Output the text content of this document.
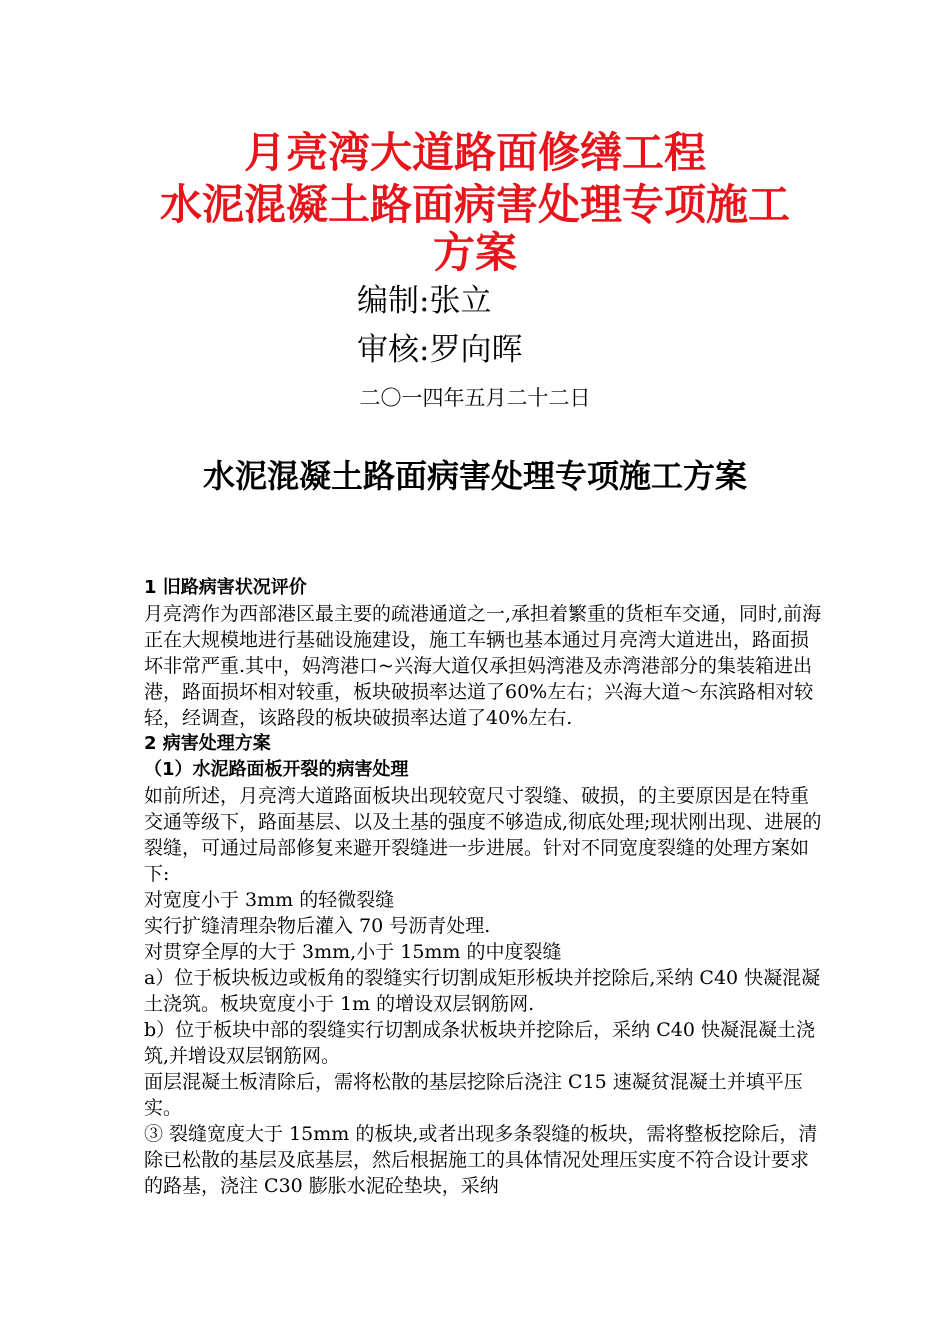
月亮湾大道路面修缮工程
水泥混凝土路面病害处理专项施工
方案
编制:张立
审核:罗向晖
二〇一四年五月二十二日
水泥混凝土路面病害处理专项施工方案

1 旧路病害状况评价

月亮湾作为西部港区最主要的疏港通道之一,承担着繁重的货柜车交通，同时,前海正在大规模地进行基础设施建设，施工车辆也基本通过月亮湾大道进出，路面损坏非常严重.其中，妈湾港口~兴海大道仅承担妈湾港及赤湾港部分的集装箱进出港，路面损坏相对较重，板块破损率达道了60%左右；兴海大道～东滨路相对较轻，经调查，该路段的板块破损率达道了40%左右.

2 病害处理方案

（1）水泥路面板开裂的病害处理

如前所述，月亮湾大道路面板块出现较宽尺寸裂缝、破损，的主要原因是在特重交通等级下，路面基层、以及土基的强度不够造成,彻底处理;现状刚出现、进展的裂缝，可通过局部修复来避开裂缝进一步进展。针对不同宽度裂缝的处理方案如下:

对宽度小于 3mm 的轻微裂缝

实行扩缝清理杂物后灌入 70 号沥青处理.

对贯穿全厚的大于 3mm,小于 15mm 的中度裂缝

a）位于板块板边或板角的裂缝实行切割成矩形板块并挖除后,采纳 C40 快凝混凝土浇筑。板块宽度小于 1m 的增设双层钢筋网.

b）位于板块中部的裂缝实行切割成条状板块并挖除后，采纳 C40 快凝混凝土浇筑,并增设双层钢筋网。

面层混凝土板清除后，需将松散的基层挖除后浇注 C15 速凝贫混凝土并填平压实。

③ 裂缝宽度大于 15mm 的板块,或者出现多条裂缝的板块，需将整板挖除后，清除已松散的基层及底基层，然后根据施工的具体情况处理压实度不符合设计要求的路基，浇注 C30 膨胀水泥砼垫块，采纳
